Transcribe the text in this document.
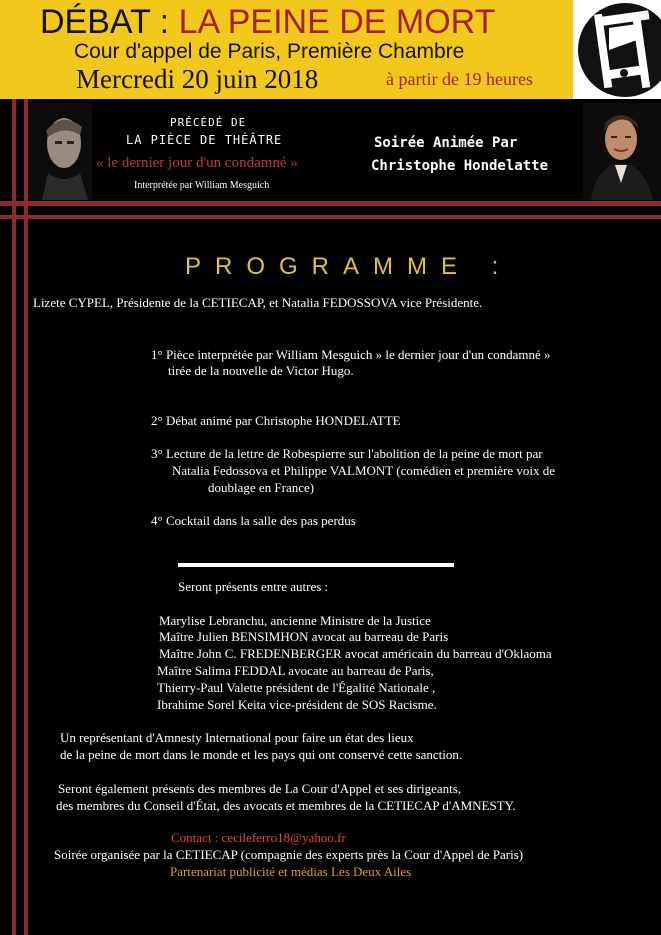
DÉBAT : LA PEINE DE MORT
Cour d'appel de Paris, Première Chambre
Mercredi 20 juin 2018	à partir de 19 heures
PRÉCÉDÉ DE
LA PIÈCE DE THÉÂTRE
« le dernier jour d'un condamné »
Interprétée par William Mesguich
Soirée Animée Par
Christophe Hondelatte
PROGRAMME :
Lizete CYPEL, Présidente de la CETIECAP, et Natalia FEDOSSOVA vice Présidente.
1° Pièce interprétée par William Mesguich » le dernier jour d'un condamné »
tirée de la nouvelle de Victor Hugo.
2° Débat animé par Christophe HONDELATTE
3° Lecture de la lettre de Robespierre sur l'abolition de la peine de mort par
Natalia Fedossova et Philippe VALMONT (comédien et première voix de
doublage en France)
4° Cocktail dans la salle des pas perdus
Seront présents entre autres :
Marylise Lebranchu, ancienne Ministre de la Justice
Maître Julien BENSIMHON avocat au barreau de Paris
Maître John C. FREDENBERGER avocat américain du barreau d'Oklaoma
Maître Salima FEDDAL avocate au barreau de Paris,
Thierry-Paul Valette président de l'Égalité Nationale ,
Ibrahime Sorel Keita vice-président de SOS Racisme.
Un représentant d'Amnesty International pour faire un état des lieux
de la peine de mort dans le monde et les pays qui ont conservé cette sanction.
Seront également présents des membres de La Cour d'Appel et ses dirigeants,
des membres du Conseil d'État, des avocats et membres de la CETIECAP d'AMNESTY.
Contact : cecileferro18@yahoo.fr
Soirée organisée par la CETIECAP (compagnie des experts près la Cour d'Appel de Paris)
Partenariat publicité et médias Les Deux Ailes
